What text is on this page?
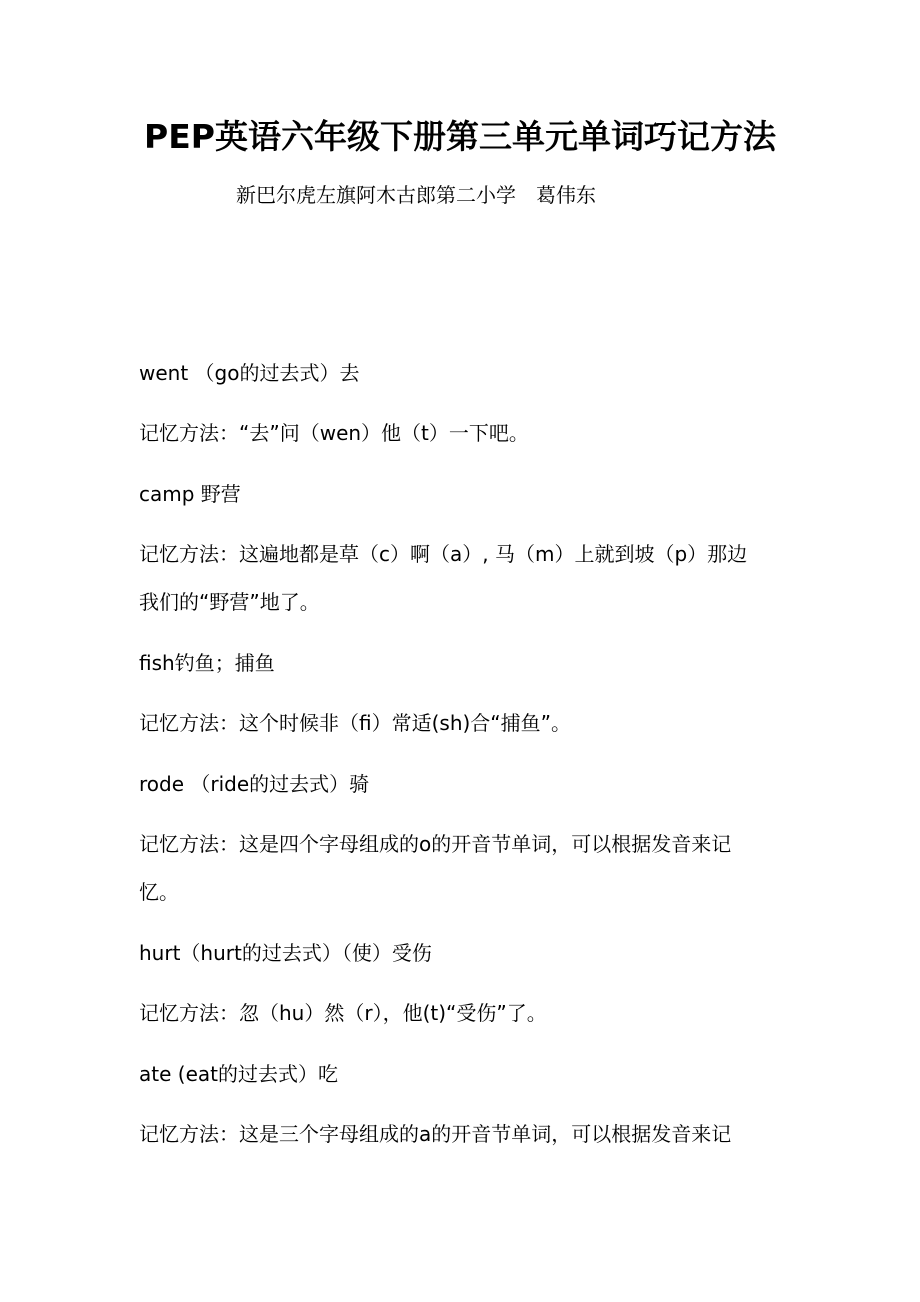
PEP英语六年级下册第三单元单词巧记方法
新巴尔虎左旗阿木古郎第二小学　葛伟东
went （go的过去式）去
记忆方法：“去”问（wen）他（t）一下吧。
camp 野营
记忆方法：这遍地都是草（c）啊（a）, 马（m）上就到坡（p）那边
我们的“野营”地了。
fish钓鱼；捕鱼
记忆方法：这个时候非（fi）常适(sh)合“捕鱼”。
rode （ride的过去式）骑
记忆方法：这是四个字母组成的o的开音节单词，可以根据发音来记
忆。
hurt（hurt的过去式）（使）受伤
记忆方法：忽（hu）然（r），他(t)“受伤”了。
ate (eat的过去式）吃
记忆方法：这是三个字母组成的a的开音节单词，可以根据发音来记
